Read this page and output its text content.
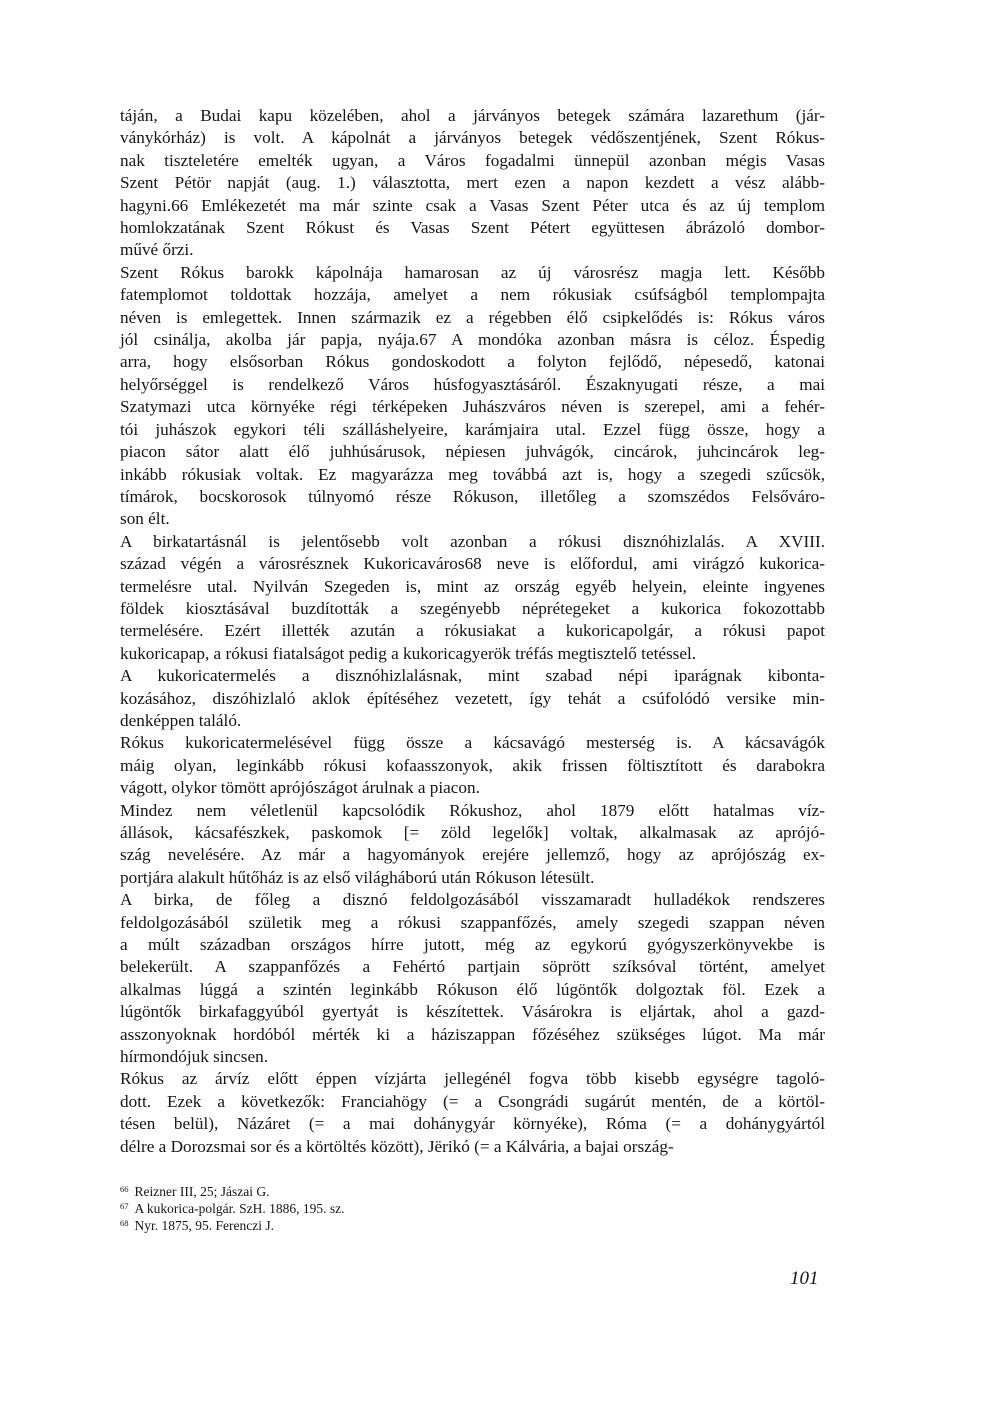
táján, a Budai kapu közelében, ahol a járványos betegek számára lazarethum (jár-
ványkórház) is volt. A kápolnát a járványos betegek védőszentjének, Szent Rókus-
nak tiszteletére emelték ugyan, a Város fogadalmi ünnepül azonban mégis Vasas
Szent Pétör napját (aug. 1.) választotta, mert ezen a napon kezdett a vész alább-
hagyni.66 Emlékezetét ma már szinte csak a Vasas Szent Péter utca és az új templom
homlokzatának Szent Rókust és Vasas Szent Pétert együttesen ábrázoló dombor-
művé őrzi.
Szent Rókus barokk kápolnája hamarosan az új városrész magja lett. Később
fatemplomot toldottak hozzája, amelyet a nem rókusiak csúfságból templompajta
néven is emlegettek. Innen származik ez a régebben élő csipkelődés is: Rókus város
jól csinálja, akolba jár papja, nyája.67 A mondóka azonban másra is céloz. Éspedig
arra, hogy elsősorban Rókus gondoskodott a folyton fejlődő, népesedő, katonai
helyőrséggel is rendelkező Város húsfogyasztásáról. Északnyugati része, a mai
Szatymazi utca környéke régi térképeken Juhászváros néven is szerepel, ami a fehér-
tói juhászok egykori téli szálláshelyeire, karámjaira utal. Ezzel függ össze, hogy a
piacon sátor alatt élő juhhúsárusok, népiesen juhvágók, cincárok, juhcincárok leg-
inkább rókusiak voltak. Ez magyarázza meg továbbá azt is, hogy a szegedi szűcsök,
tímárok, bocskorosok túlnyomó része Rókuson, illetőleg a szomszédos Felsőváro-
son élt.
A birkatartásnál is jelentősebb volt azonban a rókusi disznóhizlalás. A XVIII.
század végén a városrésznek Kukoricaváros68 neve is előfordul, ami virágzó kukorica-
termelésre utal. Nyilván Szegeden is, mint az ország egyéb helyein, eleinte ingyenes
földek kiosztásával buzdították a szegényebb néprétegeket a kukorica fokozottabb
termelésére. Ezért illették azután a rókusiakat a kukoricapolgár, a rókusi papot
kukoricapap, a rókusi fiatalságot pedig a kukoricagyerök tréfás megtisztelő tetéssel.
A kukoricatermelés a disznóhizlalásnak, mint szabad népi iparágnak kibonta-
kozásához, diszóhizlaló aklok építéséhez vezetett, így tehát a csúfolódó versike min-
denképpen találó.
Rókus kukoricatermelésével függ össze a kácsavágó mesterség is. A kácsavágók
máig olyan, leginkább rókusi kofaasszonyok, akik frissen föltisztított és darabokra
vágott, olykor tömött aprójószágot árulnak a piacon.
Mindez nem véletlenül kapcsolódik Rókushoz, ahol 1879 előtt hatalmas víz-
állások, kácsafészkek, paskomok [= zöld legelők] voltak, alkalmasak az aprójó-
szág nevelésére. Az már a hagyományok erejére jellemző, hogy az aprójószág ex-
portjára alakult hűtőház is az első világháború után Rókuson létesült.
A birka, de főleg a disznó feldolgozásából visszamaradt hulladékok rendszeres
feldolgozásából születik meg a rókusi szappanfőzés, amely szegedi szappan néven
a múlt században országos hírre jutott, még az egykorú gyógyszerkönyvekbe is
belekerült. A szappanfőzés a Fehértó partjain söprött szíksóval történt, amelyet
alkalmas lúggá a szintén leginkább Rókuson élő lúgöntők dolgoztak föl. Ezek a
lúgöntők birkafaggyúból gyertyát is készítettek. Vásárokra is eljártak, ahol a gazd-
asszonyoknak hordóból mérték ki a háziszappan főzéséhez szükséges lúgot. Ma már
hírmondójuk sincsen.
Rókus az árvíz előtt éppen vízjárta jellegénél fogva több kisebb egységre tagoló-
dott. Ezek a következők: Franciahögy (= a Csongrádi sugárút mentén, de a körtöl-
tésen belül), Názáret (= a mai dohánygyár környéke), Róma (= a dohánygyártól
délre a Dorozsmai sor és a körtöltés között), Jërikó (= a Kálvária, a bajai ország-
$^{66}$ Reizner III, 25; Jászai G.
$^{67}$ A kukorica-polgár. SzH. 1886, 195. sz.
$^{68}$ Nyr. 1875, 95. Ferenczi J.
101
